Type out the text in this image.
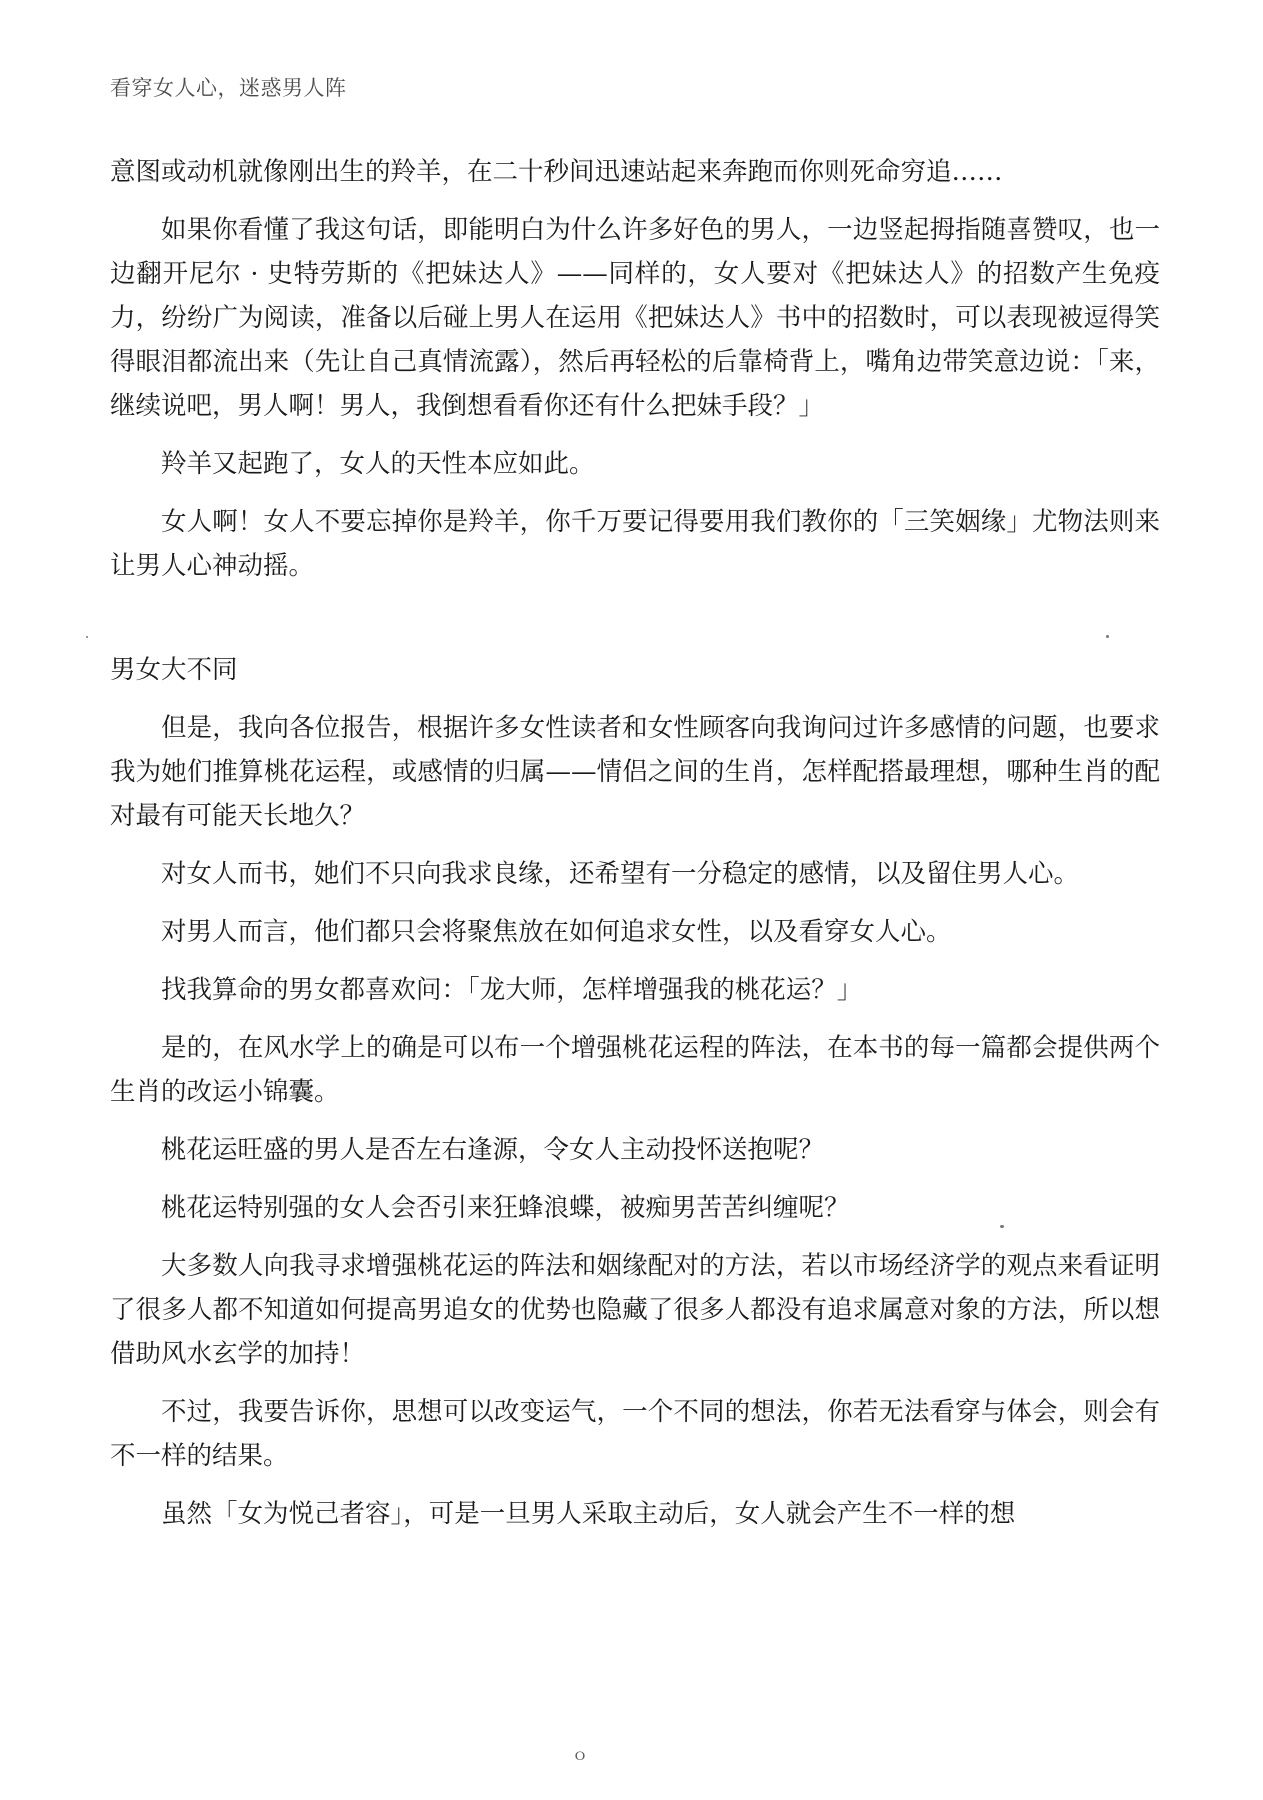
看穿女人心，迷惑男人阵

意图或动机就像刚出生的羚羊，在二十秒间迅速站起来奔跑而你则死命穷追……

如果你看懂了我这句话，即能明白为什么许多好色的男人，一边竖起拇指随喜赞叹，也一边翻开尼尔 · 史特劳斯的《把妹达人》——同样的，女人要对《把妹达人》的招数产生免疫力，纷纷广为阅读，准备以后碰上男人在运用《把妹达人》书中的招数时，可以表现被逗得笑得眼泪都流出来（先让自己真情流露），然后再轻松的后靠椅背上，嘴角边带笑意边说：「来，继续说吧，男人啊！男人，我倒想看看你还有什么把妹手段？」

羚羊又起跑了，女人的天性本应如此。

女人啊！女人不要忘掉你是羚羊，你千万要记得要用我们教你的「三笑姻缘」尤物法则来让男人心神动摇。

男女大不同

但是，我向各位报告，根据许多女性读者和女性顾客向我询问过许多感情的问题，也要求我为她们推算桃花运程，或感情的归属——情侣之间的生肖，怎样配搭最理想，哪种生肖的配对最有可能天长地久？

对女人而书，她们不只向我求良缘，还希望有一分稳定的感情，以及留住男人心。

对男人而言，他们都只会将聚焦放在如何追求女性，以及看穿女人心。

找我算命的男女都喜欢问：「龙大师，怎样增强我的桃花运？」

是的，在风水学上的确是可以布一个增强桃花运程的阵法，在本书的每一篇都会提供两个生肖的改运小锦囊。

桃花运旺盛的男人是否左右逢源，令女人主动投怀送抱呢？

桃花运特别强的女人会否引来狂蜂浪蝶，被痴男苦苦纠缠呢？

大多数人向我寻求增强桃花运的阵法和姻缘配对的方法，若以市场经济学的观点来看证明了很多人都不知道如何提高男追女的优势也隐藏了很多人都没有追求属意对象的方法，所以想借助风水玄学的加持！

不过，我要告诉你，思想可以改变运气，一个不同的想法，你若无法看穿与体会，则会有不一样的结果。

虽然「女为悦己者容」，可是一旦男人采取主动后，女人就会产生不一样的想

ｏ
